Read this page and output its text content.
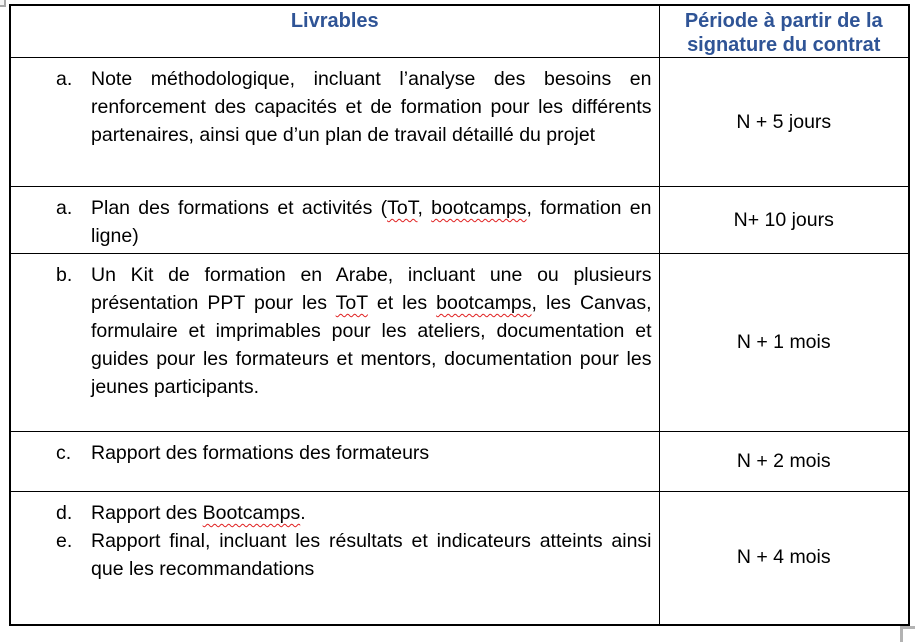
Livrables	Période à partir de la signature du contrat

a. Note méthodologique, incluant l’analyse des besoins en renforcement des capacités et de formation pour les différents partenaires, ainsi que d’un plan de travail détaillé du projet	N + 5 jours

a. Plan des formations et activités (ToT, bootcamps, formation en ligne)	N+ 10 jours

b. Un Kit de formation en Arabe, incluant une ou plusieurs présentation PPT pour les ToT et les bootcamps, les Canvas, formulaire et imprimables pour les ateliers, documentation et guides pour les formateurs et mentors, documentation pour les jeunes participants.	N + 1 mois

c. Rapport des formations des formateurs	N + 2 mois

d. Rapport des Bootcamps.
e. Rapport final, incluant les résultats et indicateurs atteints ainsi que les recommandations	N + 4 mois
